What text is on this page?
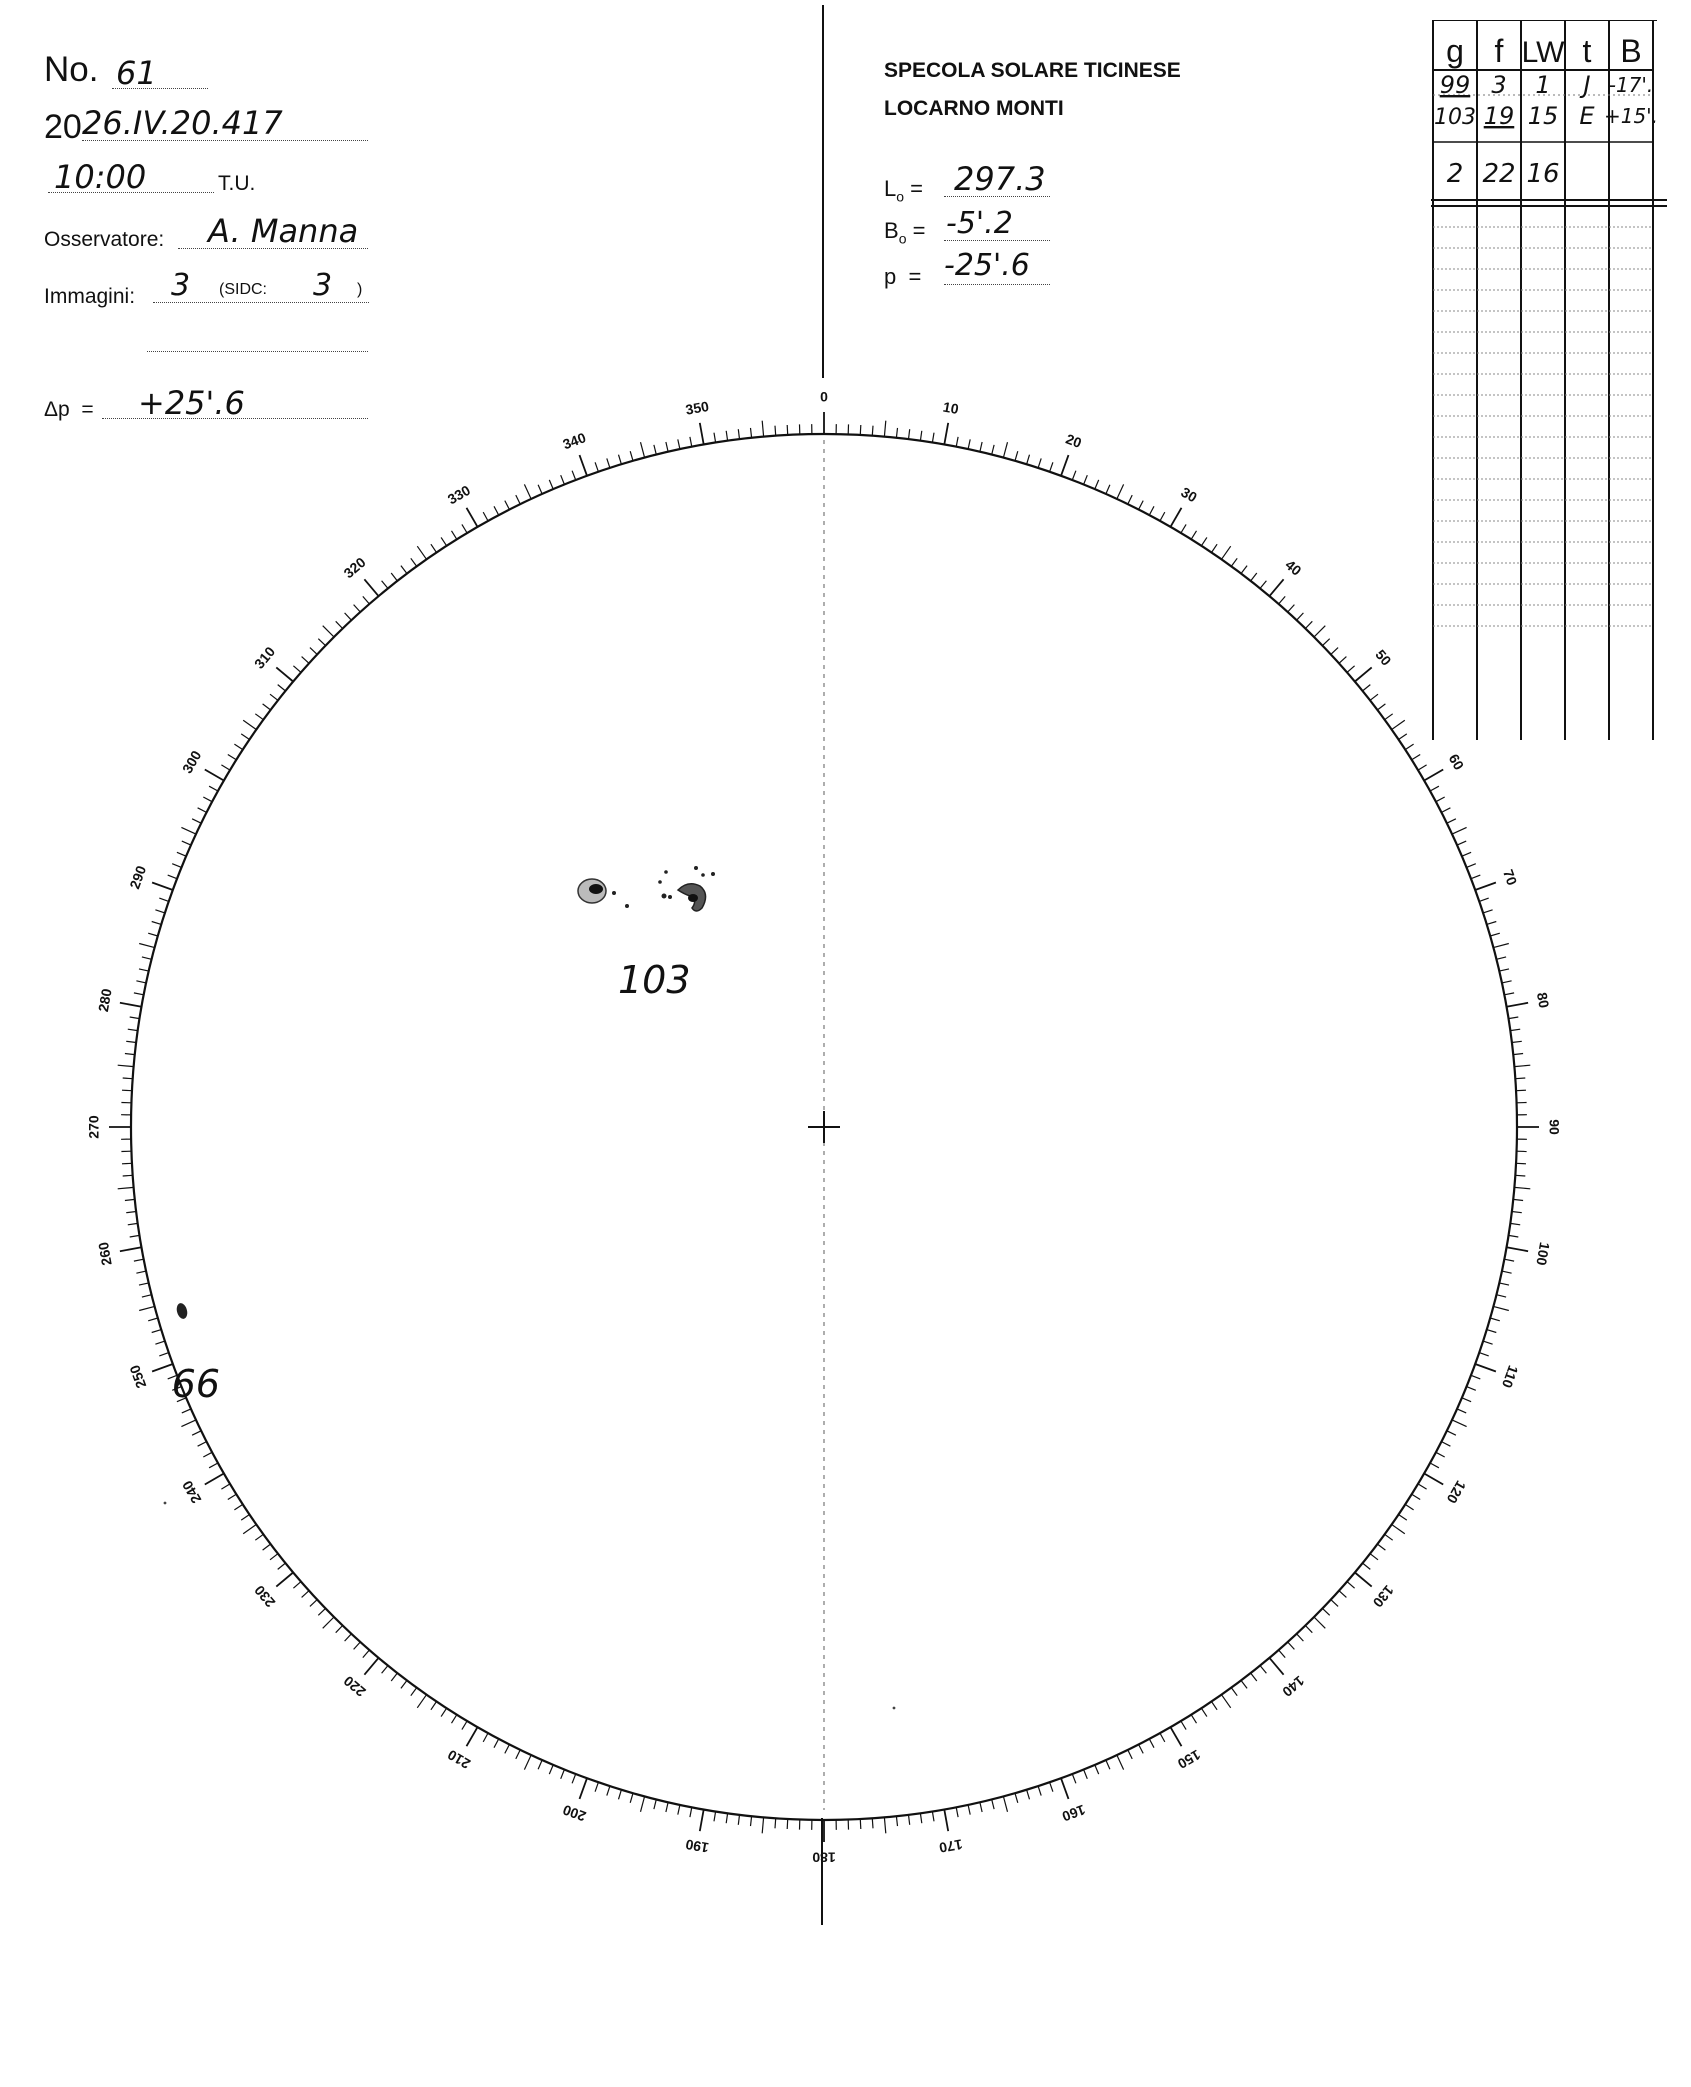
0
10
20
30
40
50
60
70
80
90
100
110
120
130
140
150
160
170
180
190
200
210
220
230
240
250
260
270
280
290
300
310
320
330
340
350
103
99
No. 61
20 26.IV.20.417
10:00	T.U.
Osservatore:	A. Manna
Immagini: 3 (SIDC: 3 )
Δp  =	+25'.6
SPECOLA SOLARE TICINESE
LOCARNO MONTI
$L_o = 297.3$
$B_o = -5'.2$
p  = -25'.6
g f LW t B
99 3 1 J -17'.
103 19 15 E +15'.
2 22 16
